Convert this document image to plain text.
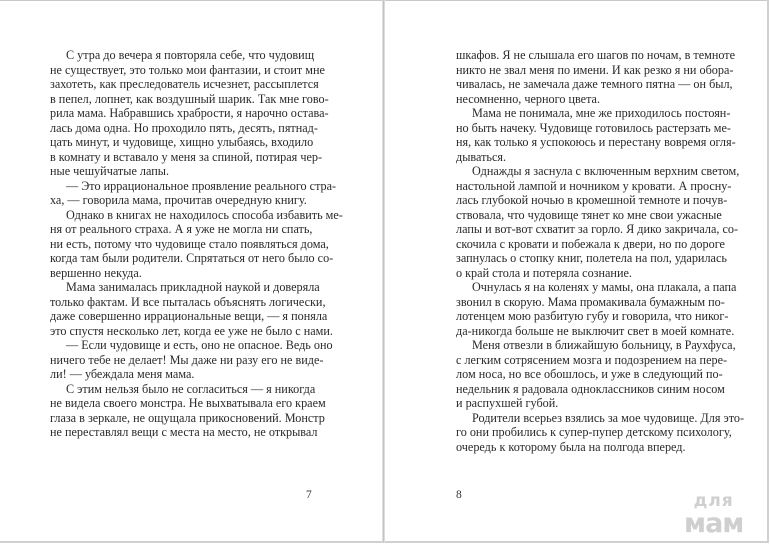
С утра до вечера я повторяла себе, что чудовищ
не существует, это только мои фантазии, и стоит мне
захотеть, как преследователь исчезнет, рассыплется
в пепел, лопнет, как воздушный шарик. Так мне гово-
рила мама. Набравшись храбрости, я нарочно остава-
лась дома одна. Но проходило пять, десять, пятнад-
цать минут, и чудовище, хищно улыбаясь, входило
в комнату и вставало у меня за спиной, потирая чер-
ные чешуйчатые лапы.
— Это иррациональное проявление реального стра-
ха, — говорила мама, прочитав очередную книгу.
Однако в книгах не находилось способа избавить ме-
ня от реального страха. А я уже не могла ни спать,
ни есть, потому что чудовище стало появляться дома,
когда там были родители. Спрятаться от него было со-
вершенно некуда.
Мама занималась прикладной наукой и доверяла
только фактам. И все пыталась объяснять логически,
даже совершенно иррациональные вещи, — я поняла
это спустя несколько лет, когда ее уже не было с нами.
— Если чудовище и есть, оно не опасное. Ведь оно
ничего тебе не делает! Мы даже ни разу его не виде-
ли! — убеждала меня мама.
С этим нельзя было не согласиться — я никогда
не видела своего монстра. Не выхватывала его краем
глаза в зеркале, не ощущала прикосновений. Монстр
не переставлял вещи с места на место, не открывал
шкафов. Я не слышала его шагов по ночам, в темноте
никто не звал меня по имени. И как резко я ни обора-
чивалась, не замечала даже темного пятна — он был,
несомненно, черного цвета.
Мама не понимала, мне же приходилось постоян-
но быть начеку. Чудовище готовилось растерзать ме-
ня, как только я успокоюсь и перестану вовремя огля-
дываться.
Однажды я заснула с включенным верхним светом,
настольной лампой и ночником у кровати. А просну-
лась глубокой ночью в кромешной темноте и почув-
ствовала, что чудовище тянет ко мне свои ужасные
лапы и вот-вот схватит за горло. Я дико закричала, со-
скочила с кровати и побежала к двери, но по дороге
запнулась о стопку книг, полетела на пол, ударилась
о край стола и потеряла сознание.
Очнулась я на коленях у мамы, она плакала, а папа
звонил в скорую. Мама промакивала бумажным по-
лотенцем мою разбитую губу и говорила, что никог-
да-никогда больше не выключит свет в моей комнате.
Меня отвезли в ближайшую больницу, в Раухфуса,
с легким сотрясением мозга и подозрением на пере-
лом носа, но все обошлось, и уже в следующий по-
недельник я радовала одноклассников синим носом
и распухшей губой.
Родители всерьез взялись за мое чудовище. Для это-
го они пробились к супер-пупер детскому психологу,
очередь к которому была на полгода вперед.
7	8	для
мам
